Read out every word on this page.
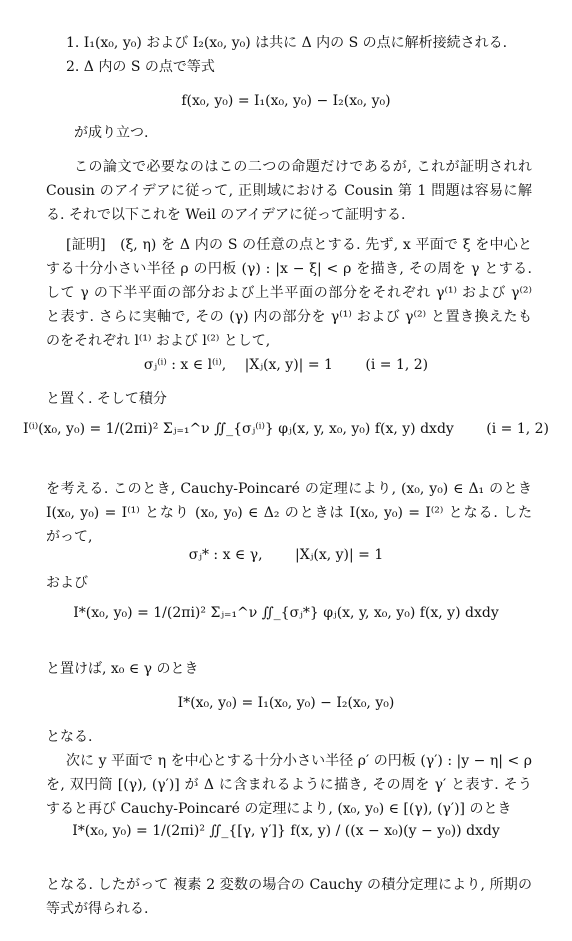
1. I₁(x₀, y₀) および I₂(x₀, y₀) は共に Δ 内の S の点に解析接続される.
2. Δ 内の S の点で等式
f(x₀, y₀) = I₁(x₀, y₀) − I₂(x₀, y₀)
が成り立つ.
この論文で必要なのはこの二つの命題だけであるが, これが証明されれ
Cousin のアイデアに従って, 正則域における Cousin 第 1 問題は容易に解
る. それで以下これを Weil のアイデアに従って証明する.
[証明]　(ξ, η) を Δ 内の S の任意の点とする. 先ず, x 平面で ξ を中心と
する十分小さい半径 ρ の円板 (γ) : |x − ξ| < ρ を描き, その周を γ とする.
して γ の下半平面の部分および上半平面の部分をそれぞれ γ⁽¹⁾ および γ⁽²⁾
と表す. さらに実軸で, その (γ) 内の部分を γ⁽¹⁾ および γ⁽²⁾ と置き換えたも
のをそれぞれ l⁽¹⁾ および l⁽²⁾ として,
σⱼ⁽ⁱ⁾ : x ∈ l⁽ⁱ⁾,　 |Xⱼ(x, y)| = 1　　 (i = 1, 2)
と置く. そして積分
I⁽ⁱ⁾(x₀, y₀) = 1/(2πi)² Σⱼ₌₁^ν ∬_{σⱼ⁽ⁱ⁾} φⱼ(x, y, x₀, y₀) f(x, y) dxdy　　 (i = 1, 2)
を考える. このとき, Cauchy-Poincaré の定理により, (x₀, y₀) ∈ Δ₁ のとき
I(x₀, y₀) = I⁽¹⁾ となり (x₀, y₀) ∈ Δ₂ のときは I(x₀, y₀) = I⁽²⁾ となる. した
がって,
σⱼ* : x ∈ γ,　　 |Xⱼ(x, y)| = 1
および
I*(x₀, y₀) = 1/(2πi)² Σⱼ₌₁^ν ∬_{σⱼ*} φⱼ(x, y, x₀, y₀) f(x, y) dxdy
と置けば, x₀ ∈ γ のとき
I*(x₀, y₀) = I₁(x₀, y₀) − I₂(x₀, y₀)
となる.
次に y 平面で η を中心とする十分小さい半径 ρ′ の円板 (γ′) : |y − η| < ρ
を, 双円筒 [(γ), (γ′)] が Δ に含まれるように描き, その周を γ′ と表す. そう
すると再び Cauchy-Poincaré の定理により, (x₀, y₀) ∈ [(γ), (γ′)] のとき
I*(x₀, y₀) = 1/(2πi)² ∬_{[γ, γ′]} f(x, y) / ((x − x₀)(y − y₀)) dxdy
となる. したがって 複素 2 変数の場合の Cauchy の積分定理により, 所期の
等式が得られる.
